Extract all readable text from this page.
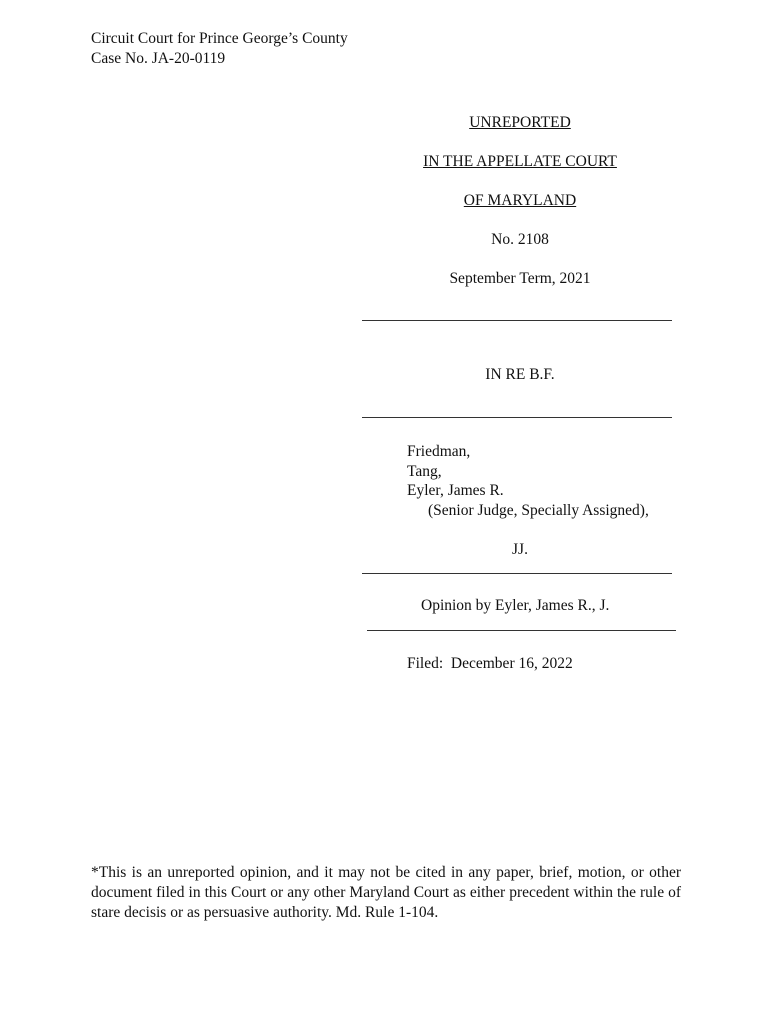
Circuit Court for Prince George’s County
Case No. JA-20-0119
UNREPORTED
IN THE APPELLATE COURT
OF MARYLAND
No. 2108
September Term, 2021
IN RE B.F.
Friedman,
Tang,
Eyler, James R.
(Senior Judge, Specially Assigned),
JJ.
Opinion by Eyler, James R., J.
Filed:  December 16, 2022
*This is an unreported opinion, and it may not be cited in any paper, brief, motion, or other document filed in this Court or any other Maryland Court as either precedent within the rule of stare decisis or as persuasive authority. Md. Rule 1-104.
